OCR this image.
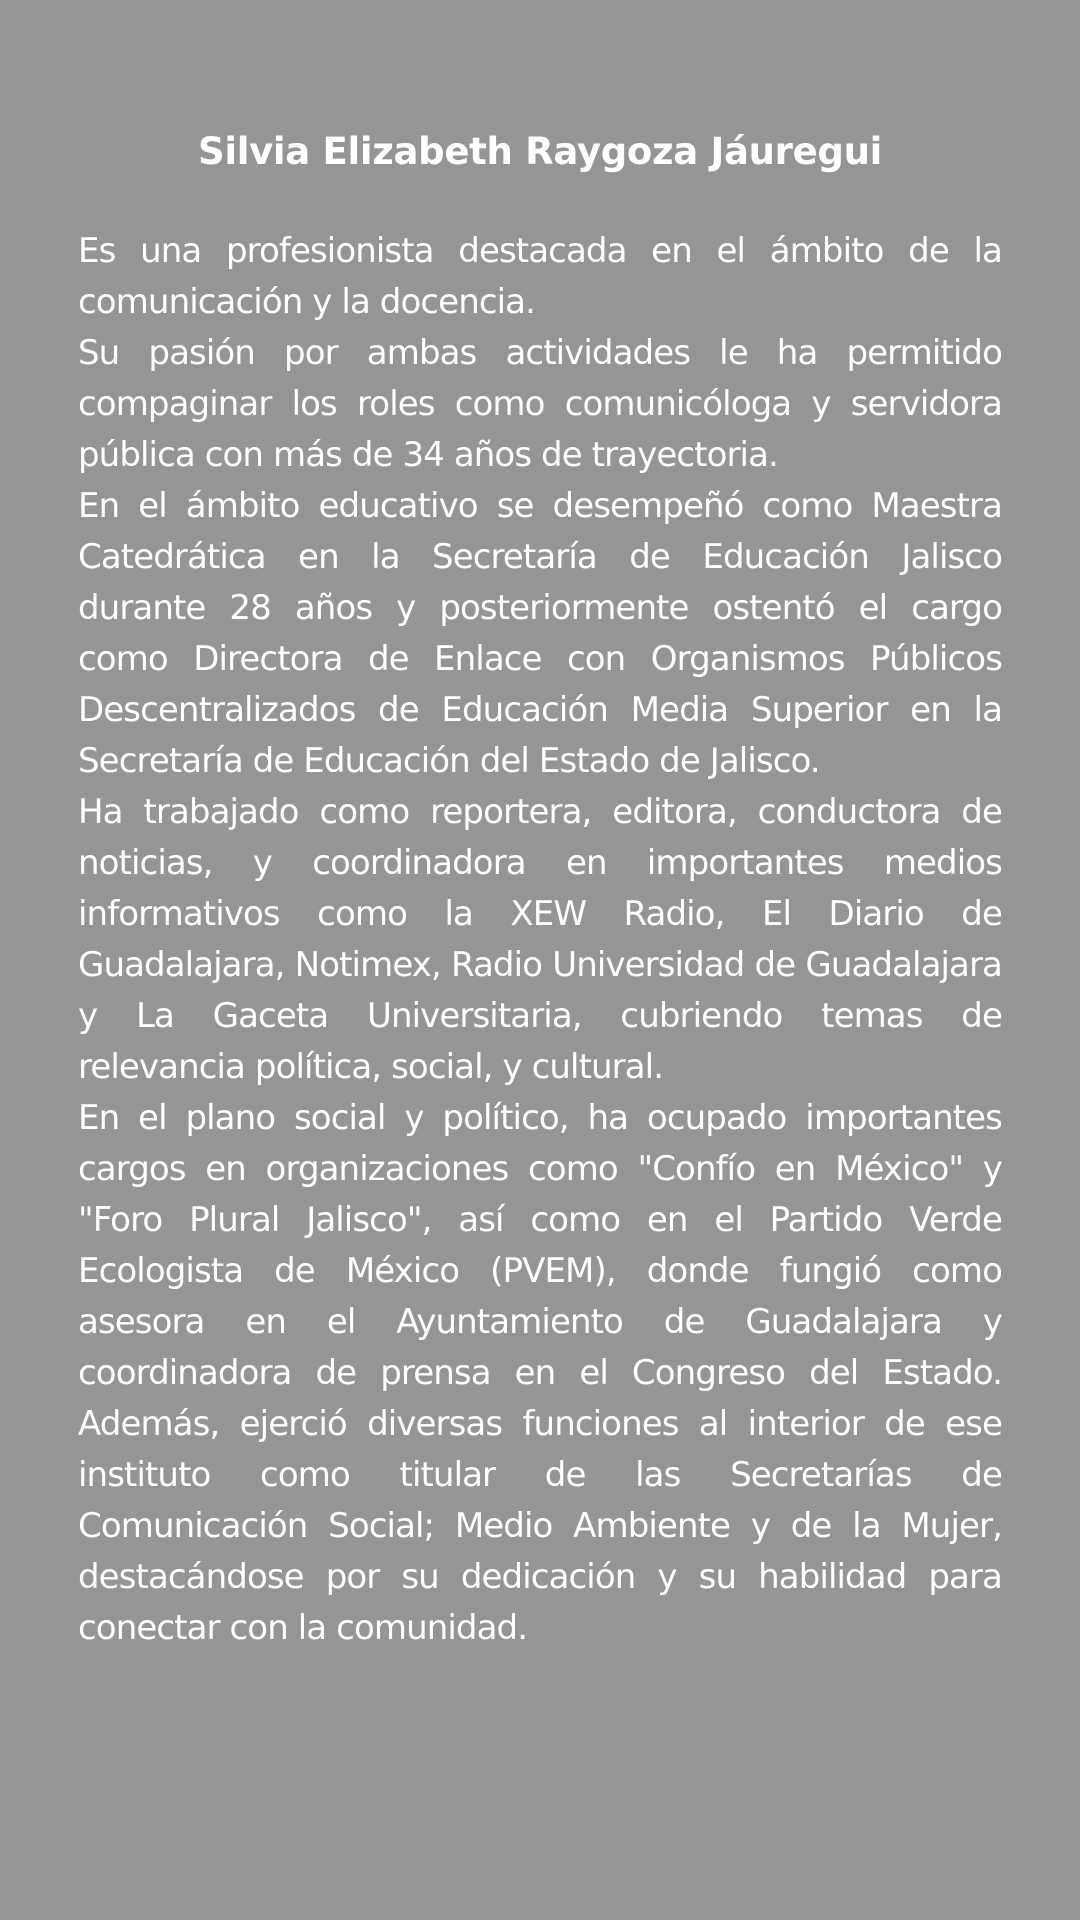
Silvia Elizabeth Raygoza Jáuregui

Es una profesionista destacada en el ámbito de la comunicación y la docencia.

Su pasión por ambas actividades le ha permitido compaginar los roles como comunicóloga y servidora pública con más de 34 años de trayectoria.

En el ámbito educativo se desempeñó como Maestra Catedrática en la Secretaría de Educación Jalisco durante 28 años y posteriormente ostentó el cargo como Directora de Enlace con Organismos Públicos Descentralizados de Educación Media Superior en la Secretaría de Educación del Estado de Jalisco.

Ha trabajado como reportera, editora, conductora de noticias, y coordinadora en importantes medios informativos como la XEW Radio, El Diario de Guadalajara, Notimex, Radio Universidad de Guadalajara y La Gaceta Universitaria, cubriendo temas de relevancia política, social, y cultural.

En el plano social y político, ha ocupado importantes cargos en organizaciones como "Confío en México" y "Foro Plural Jalisco", así como en el Partido Verde Ecologista de México (PVEM), donde fungió como asesora en el Ayuntamiento de Guadalajara y coordinadora de prensa en el Congreso del Estado. Además, ejerció diversas funciones al interior de ese instituto como titular de las Secretarías de Comunicación Social; Medio Ambiente y de la Mujer, destacándose por su dedicación y su habilidad para conectar con la comunidad.
